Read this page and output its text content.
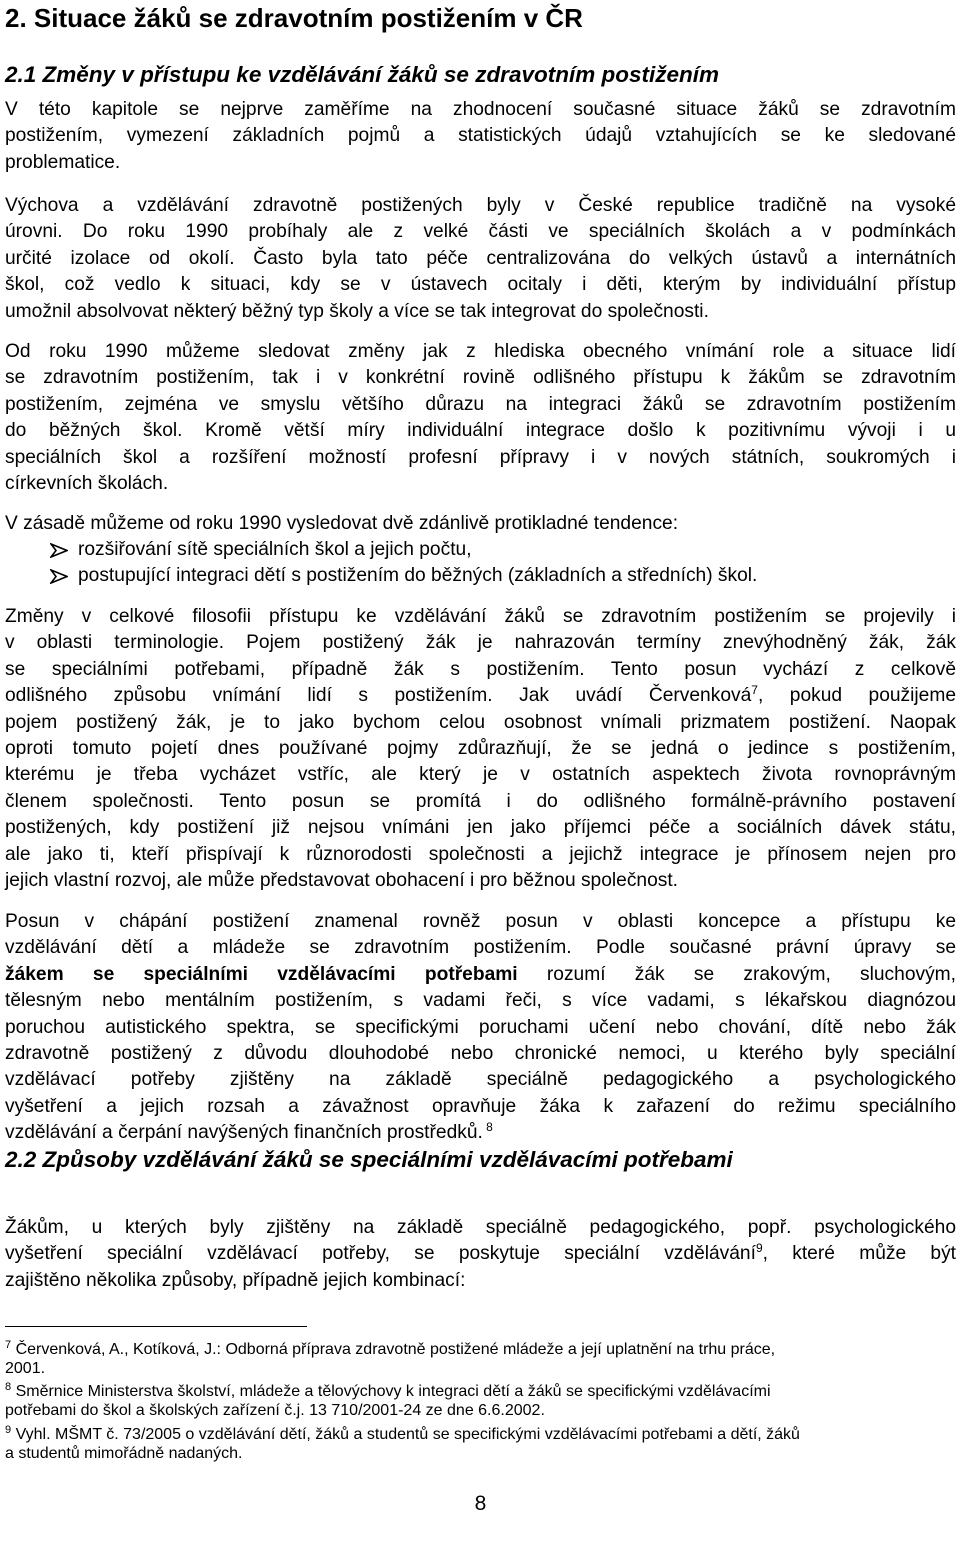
2. Situace žáků se zdravotním postižením v ČR
2.1 Změny v přístupu ke vzdělávání žáků se zdravotním postižením
V této kapitole se nejprve zaměříme na zhodnocení současné situace žáků se zdravotním
postižením, vymezení základních pojmů a statistických údajů vztahujících se ke sledované
problematice.
Výchova a vzdělávání zdravotně postižených byly v České republice tradičně na vysoké
úrovni. Do roku 1990 probíhaly ale z velké části ve speciálních školách a v podmínkách
určité izolace od okolí. Často byla tato péče centralizována do velkých ústavů a internátních
škol, což vedlo k situaci, kdy se v ústavech ocitaly i děti, kterým by individuální přístup
umožnil absolvovat některý běžný typ školy a více se tak integrovat do společnosti.
Od roku 1990 můžeme sledovat změny jak z hlediska obecného vnímání role a situace lidí
se zdravotním postižením, tak i v konkrétní rovině odlišného přístupu k žákům se zdravotním
postižením, zejména ve smyslu většího důrazu na integraci žáků se zdravotním postižením
do běžných škol. Kromě větší míry individuální integrace došlo k pozitivnímu vývoji i u
speciálních škol a rozšíření možností profesní přípravy i v nových státních, soukromých i
církevních školách.
V zásadě můžeme od roku 1990 vysledovat dvě zdánlivě protikladné tendence:
rozšiřování sítě speciálních škol a jejich počtu,
postupující integraci dětí s postižením do běžných (základních a středních) škol.
Změny v celkové filosofii přístupu ke vzdělávání žáků se zdravotním postižením se projevily i
v oblasti terminologie. Pojem postižený žák je nahrazován termíny znevýhodněný žák, žák
se speciálními potřebami, případně žák s postižením. Tento posun vychází z celkově
odlišného způsobu vnímání lidí s postižením. Jak uvádí Červenková$^7$, pokud použijeme
pojem postižený žák, je to jako bychom celou osobnost vnímali prizmatem postižení. Naopak
oproti tomuto pojetí dnes používané pojmy zdůrazňují, že se jedná o jedince s postižením,
kterému je třeba vycházet vstříc, ale který je v ostatních aspektech života rovnoprávným
členem společnosti. Tento posun se promítá i do odlišného formálně-právního postavení
postižených, kdy postižení již nejsou vnímáni jen jako příjemci péče a sociálních dávek státu,
ale jako ti, kteří přispívají k různorodosti společnosti a jejichž integrace je přínosem nejen pro
jejich vlastní rozvoj, ale může představovat obohacení i pro běžnou společnost.
Posun v chápání postižení znamenal rovněž posun v oblasti koncepce a přístupu ke
vzdělávání dětí a mládeže se zdravotním postižením. Podle současné právní úpravy se
žákem se speciálními vzdělávacími potřebami rozumí žák se zrakovým, sluchovým,
tělesným nebo mentálním postižením, s vadami řeči, s více vadami, s lékařskou diagnózou
poruchou autistického spektra, se specifickými poruchami učení nebo chování, dítě nebo žák
zdravotně postižený z důvodu dlouhodobé nebo chronické nemoci, u kterého byly speciální
vzdělávací potřeby zjištěny na základě speciálně pedagogického a psychologického
vyšetření a jejich rozsah a závažnost opravňuje žáka k zařazení do režimu speciálního
vzdělávání a čerpání navýšených finančních prostředků. $^8$
2.2 Způsoby vzdělávání žáků se speciálními vzdělávacími potřebami
Žákům, u kterých byly zjištěny na základě speciálně pedagogického, popř. psychologického
vyšetření speciální vzdělávací potřeby, se poskytuje speciální vzdělávání$^9$, které může být
zajištěno několika způsoby, případně jejich kombinací:
$^7$ Červenková, A., Kotíková, J.: Odborná příprava zdravotně postižené mládeže a její uplatnění na trhu práce,
2001.
$^8$ Směrnice Ministerstva školství, mládeže a tělovýchovy k integraci dětí a žáků se specifickými vzdělávacími
potřebami do škol a školských zařízení č.j. 13 710/2001-24 ze dne 6.6.2002.
$^9$ Vyhl. MŠMT č. 73/2005 o vzdělávání dětí, žáků a studentů se specifickými vzdělávacími potřebami a dětí, žáků
a studentů mimořádně nadaných.
8
